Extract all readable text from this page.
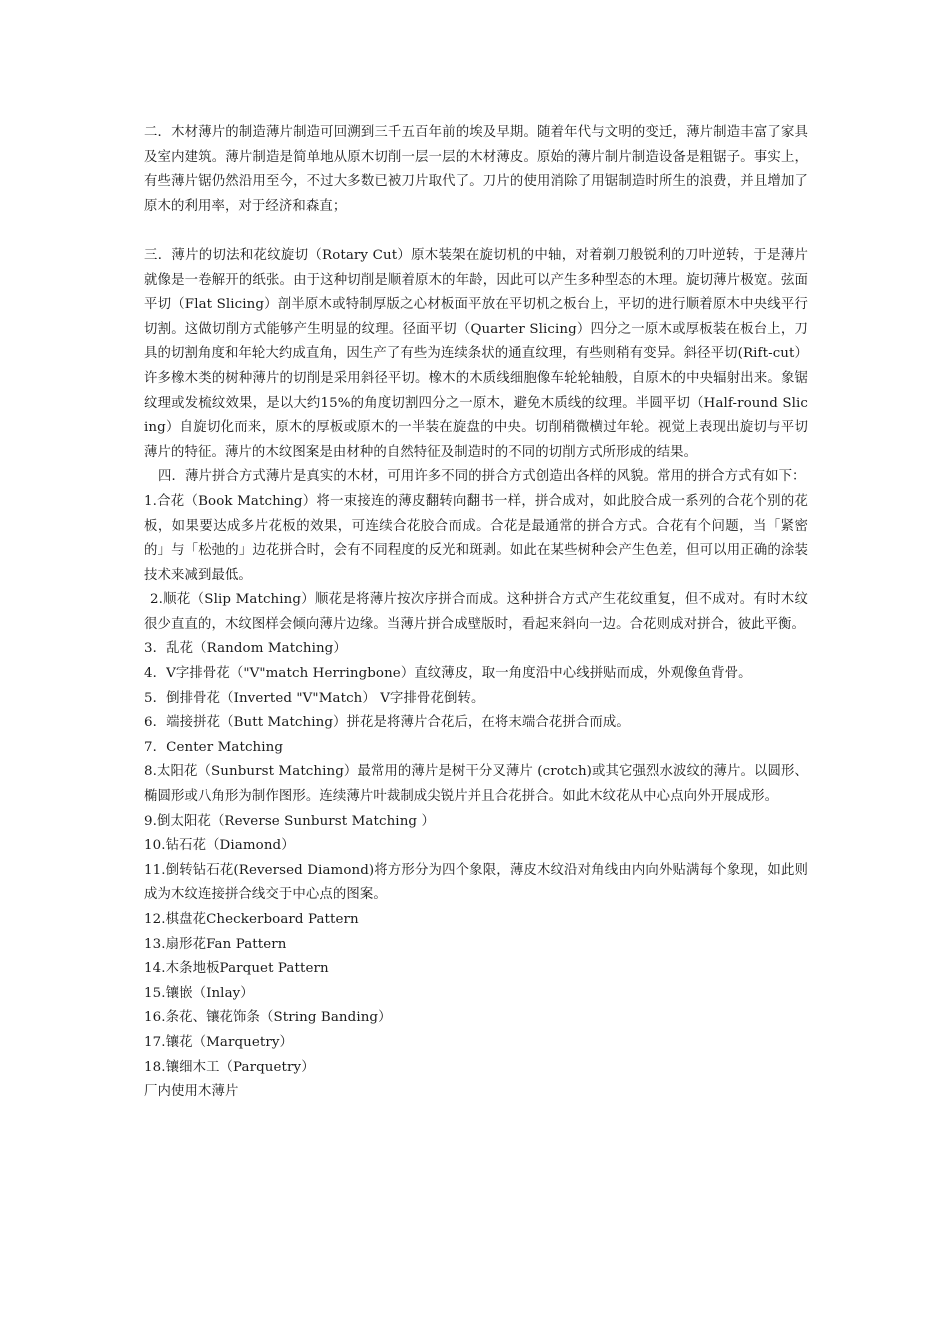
二．木材薄片的制造薄片制造可回溯到三千五百年前的埃及早期。随着年代与文明的变迁，薄片制造丰富了家具及室内建筑。薄片制造是简单地从原木切削一层一层的木材薄皮。原始的薄片制片制造设备是粗锯子。事实上，有些薄片锯仍然沿用至今，不过大多数已被刀片取代了。刀片的使用消除了用锯制造时所生的浪费，并且增加了原木的利用率，对于经济和森直；

三．薄片的切法和花纹旋切（Rotary Cut）原木装架在旋切机的中轴，对着剃刀般锐利的刀叶逆转，于是薄片就像是一卷解开的纸张。由于这种切削是顺着原木的年龄，因此可以产生多种型态的木理。旋切薄片极宽。弦面平切（Flat Slicing）剖半原木或特制厚版之心材板面平放在平切机之板台上，平切的进行顺着原木中央线平行切割。这做切削方式能够产生明显的纹理。径面平切（Quarter Slicing）四分之一原木或厚板装在板台上，刀具的切割角度和年轮大约成直角，因生产了有些为连续条状的通直纹理，有些则稍有变异。斜径平切(Rift-cut）许多橡木类的树种薄片的切削是采用斜径平切。橡木的木质线细胞像车轮轮轴般，自原木的中央辐射出来。象锯纹理或发梳纹效果，是以大约15%的角度切割四分之一原木，避免木质线的纹理。半圆平切（Half-round Slicing）自旋切化而来，原木的厚板或原木的一半装在旋盘的中央。切削稍微横过年轮。视觉上表现出旋切与平切薄片的特征。薄片的木纹图案是由材种的自然特征及制造时的不同的切削方式所形成的结果。

四．薄片拼合方式薄片是真实的木材，可用许多不同的拼合方式创造出各样的风貌。常用的拼合方式有如下：

1.合花（Book Matching）将一束接连的薄皮翻转向翻书一样，拼合成对，如此胶合成一系列的合花个别的花板，如果要达成多片花板的效果，可连续合花胶合而成。合花是最通常的拼合方式。合花有个问题，当「紧密的」与「松弛的」边花拼合时，会有不同程度的反光和斑剥。如此在某些树种会产生色差，但可以用正确的涂装技术来减到最低。

2.顺花（Slip Matching）顺花是将薄片按次序拼合而成。这种拼合方式产生花纹重复，但不成对。有时木纹很少直直的，木纹图样会倾向薄片边缘。当薄片拼合成壁版时，看起来斜向一边。合花则成对拼合，彼此平衡。

3．乱花（Random Matching）

4．V字排骨花（"V"match Herringbone）直纹薄皮，取一角度沿中心线拼贴而成，外观像鱼背骨。

5．倒排骨花（Inverted "V"Match） V字排骨花倒转。

6．端接拼花（Butt Matching）拼花是将薄片合花后，在将末端合花拼合而成。

7．Center Matching

8.太阳花（Sunburst Matching）最常用的薄片是树干分叉薄片 (crotch)或其它强烈水波纹的薄片。以圆形、椭圆形或八角形为制作图形。连续薄片叶裁制成尖锐片并且合花拼合。如此木纹花从中心点向外开展成形。

9.倒太阳花（Reverse Sunburst Matching ）

10.钻石花（Diamond）

11.倒转钻石花(Reversed Diamond)将方形分为四个象限，薄皮木纹沿对角线由内向外贴满每个象现，如此则成为木纹连接拼合线交于中心点的图案。

12.棋盘花Checkerboard Pattern

13.扇形花Fan Pattern

14.木条地板Parquet Pattern

15.镶嵌（Inlay）

16.条花、镶花饰条（String Banding）

17.镶花（Marquetry）

18.镶细木工（Parquetry）

厂内使用木薄片
